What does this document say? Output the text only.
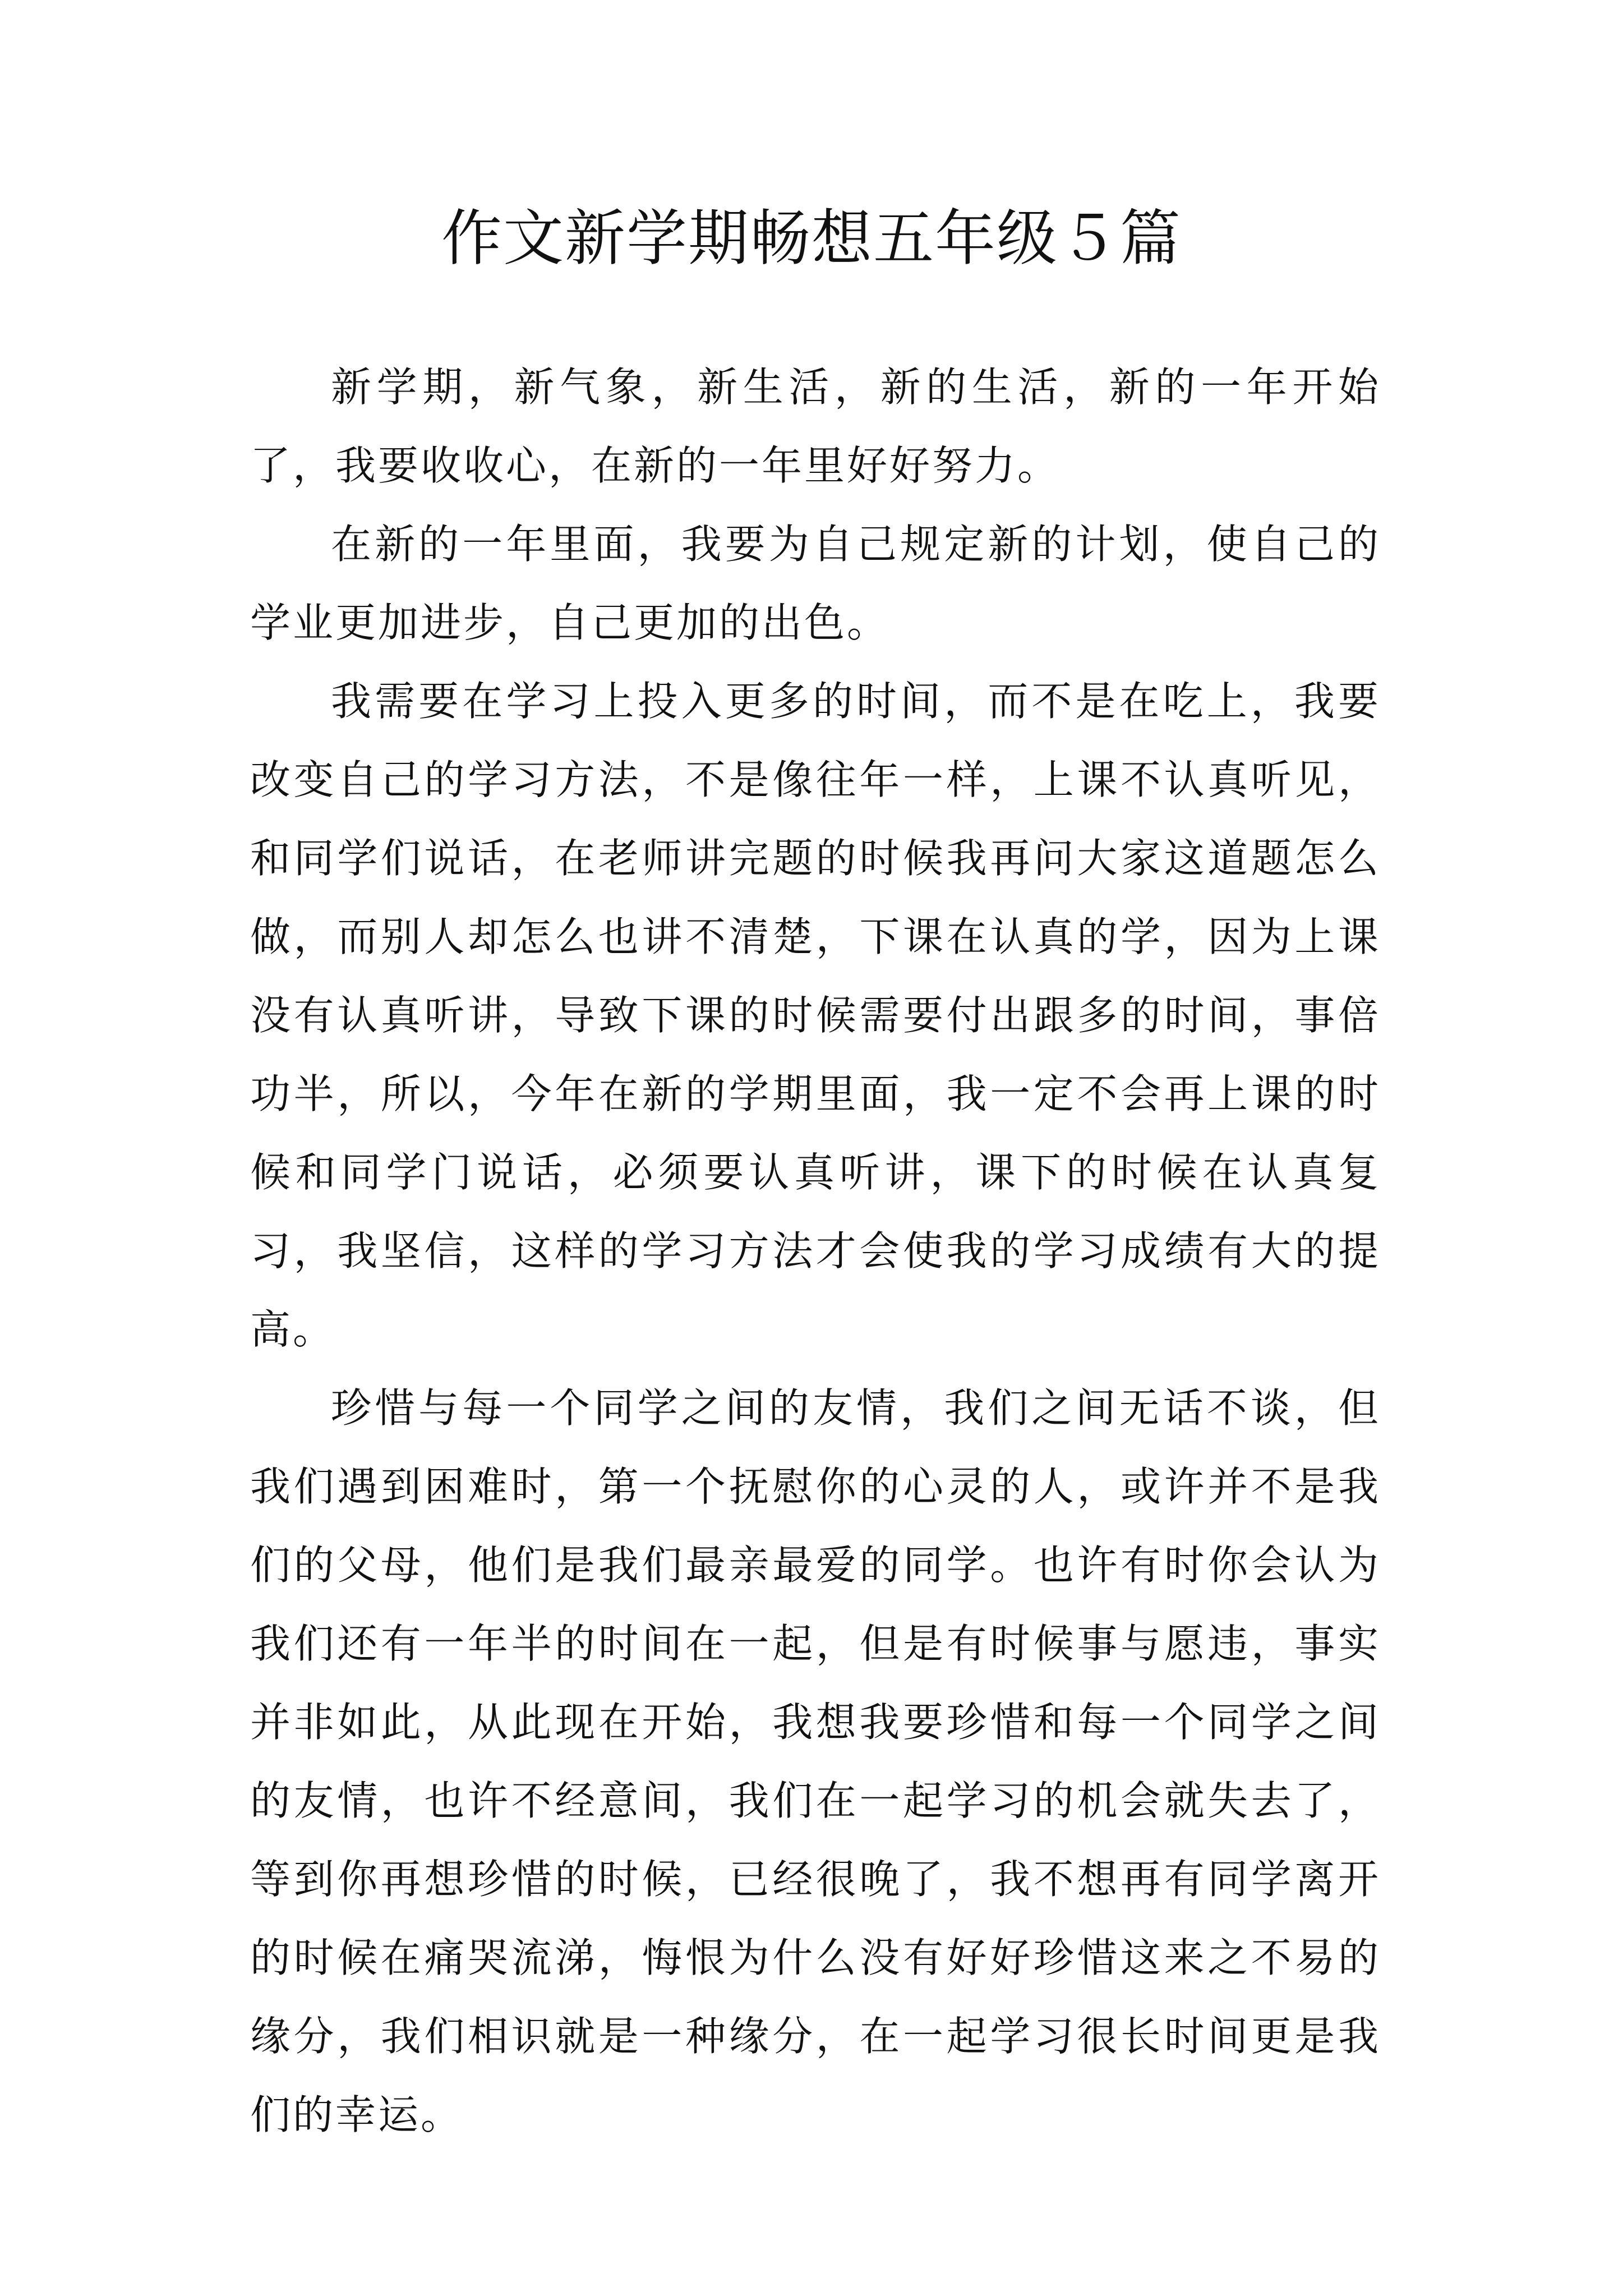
作文新学期畅想五年级５篇

新学期，新气象，新生活，新的生活，新的一年开始了，我要收收心，在新的一年里好好努力。

在新的一年里面，我要为自己规定新的计划，使自己的学业更加进步，自己更加的出色。

我需要在学习上投入更多的时间，而不是在吃上，我要改变自己的学习方法，不是像往年一样，上课不认真听见，和同学们说话，在老师讲完题的时候我再问大家这道题怎么做，而别人却怎么也讲不清楚，下课在认真的学，因为上课没有认真听讲，导致下课的时候需要付出跟多的时间，事倍功半，所以，今年在新的学期里面，我一定不会再上课的时候和同学门说话，必须要认真听讲，课下的时候在认真复习，我坚信，这样的学习方法才会使我的学习成绩有大的提高。

珍惜与每一个同学之间的友情，我们之间无话不谈，但我们遇到困难时，第一个抚慰你的心灵的人，或许并不是我们的父母，他们是我们最亲最爱的同学。也许有时你会认为我们还有一年半的时间在一起，但是有时候事与愿违，事实并非如此，从此现在开始，我想我要珍惜和每一个同学之间的友情，也许不经意间，我们在一起学习的机会就失去了，等到你再想珍惜的时候，已经很晚了，我不想再有同学离开的时候在痛哭流涕，悔恨为什么没有好好珍惜这来之不易的缘分，我们相识就是一种缘分，在一起学习很长时间更是我们的幸运。
